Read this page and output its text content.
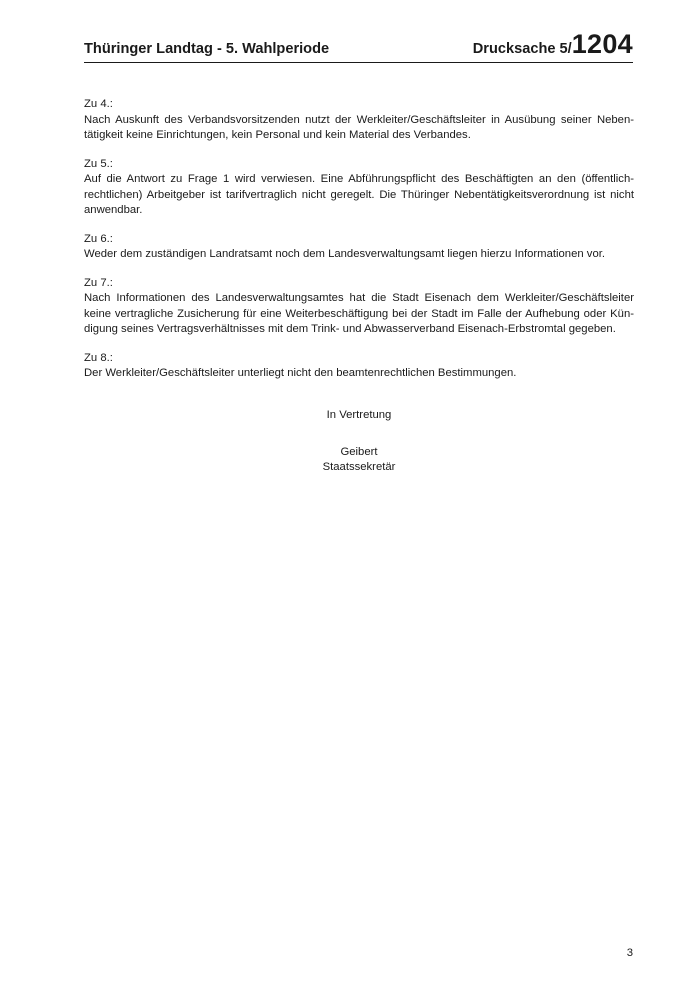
Thüringer Landtag - 5. Wahlperiode	Drucksache 5/1204
Zu 4.:
Nach Auskunft des Verbandsvorsitzenden nutzt der Werkleiter/Geschäftsleiter in Ausübung seiner Neben-
tätigkeit keine Einrichtungen, kein Personal und kein Material des Verbandes.
Zu 5.:
Auf die Antwort zu Frage 1 wird verwiesen. Eine Abführungspflicht des Beschäftigten an den (öffentlich-
rechtlichen) Arbeitgeber ist tarifvertraglich nicht geregelt. Die Thüringer Nebentätigkeitsverordnung ist nicht
anwendbar.
Zu 6.:
Weder dem zuständigen Landratsamt noch dem Landesverwaltungsamt liegen hierzu Informationen vor.
Zu 7.:
Nach Informationen des Landesverwaltungsamtes hat die Stadt Eisenach dem Werkleiter/Geschäftsleiter
keine vertragliche Zusicherung für eine Weiterbeschäftigung bei der Stadt im Falle der Aufhebung oder Kün-
digung seines Vertragsverhältnisses mit dem Trink- und Abwasserverband Eisenach-Erbstromtal gegeben.
Zu 8.:
Der Werkleiter/Geschäftsleiter unterliegt nicht den beamtenrechtlichen Bestimmungen.
In Vertretung
Geibert
Staatssekretär
3
